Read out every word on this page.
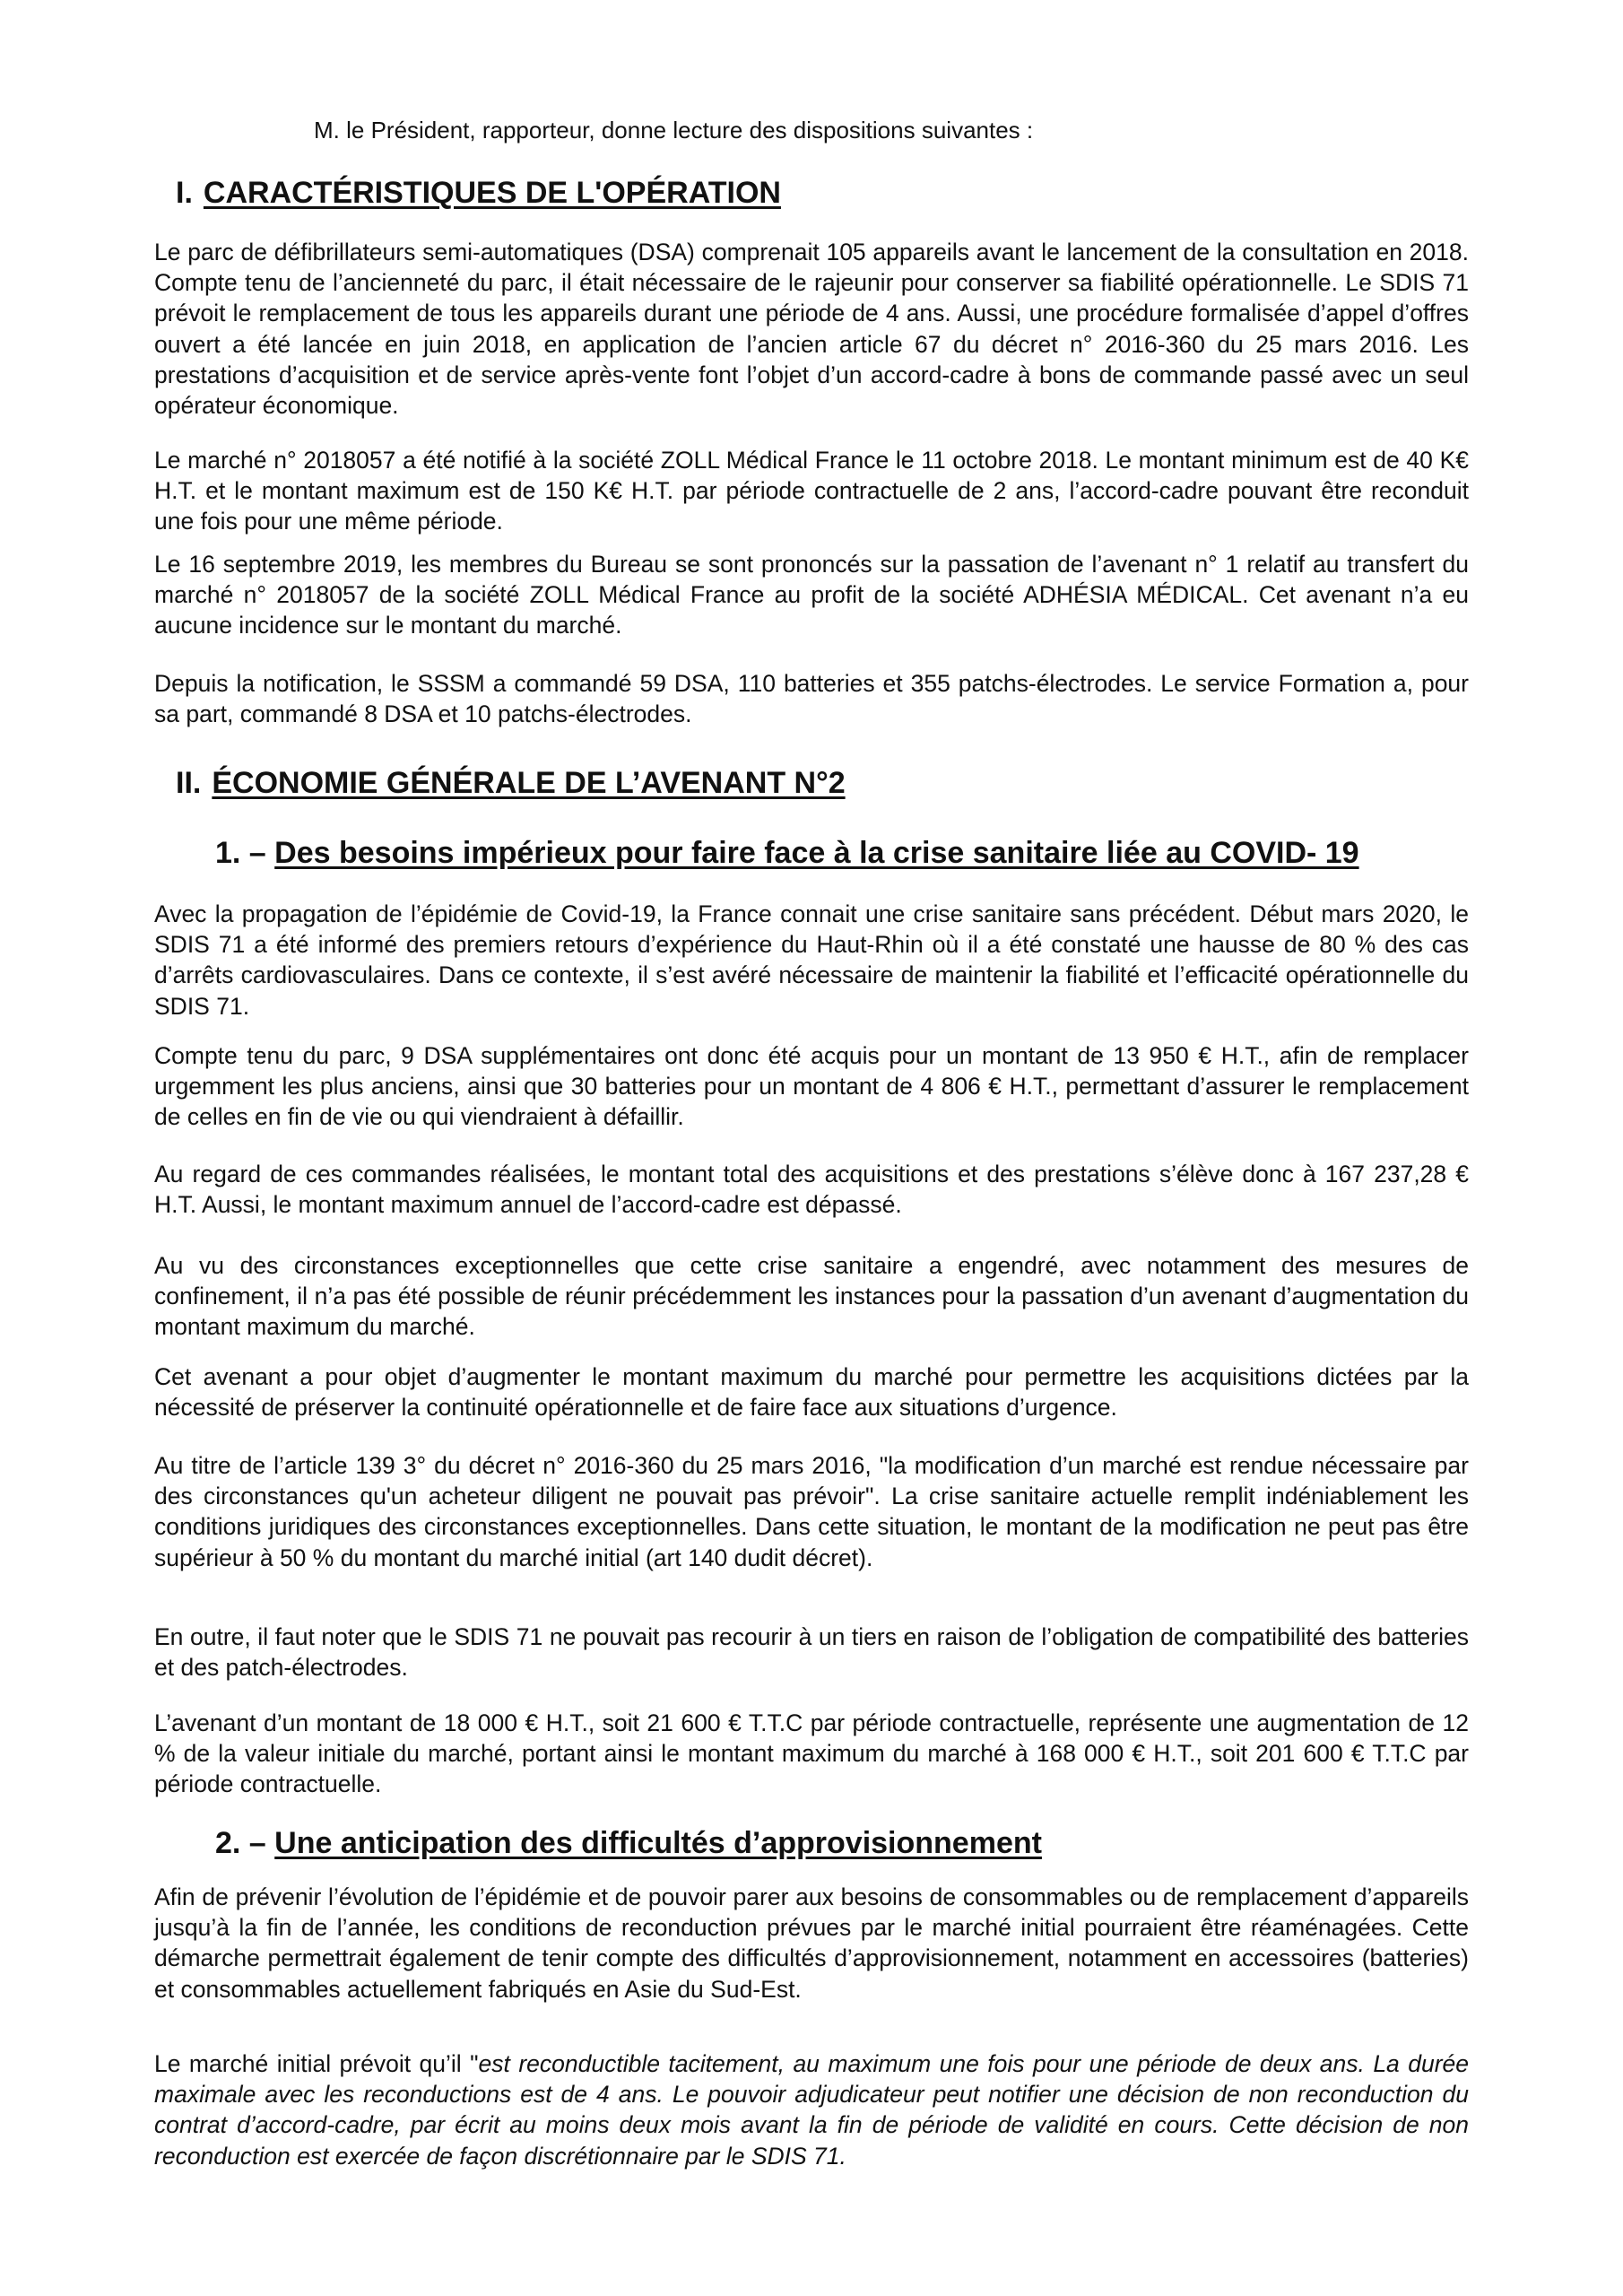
M. le Président, rapporteur, donne lecture des dispositions suivantes :

I. CARACTÉRISTIQUES DE L'OPÉRATION

Le parc de défibrillateurs semi-automatiques (DSA) comprenait 105 appareils avant le lancement de la consultation en 2018. Compte tenu de l’ancienneté du parc, il était nécessaire de le rajeunir pour conserver sa fiabilité opérationnelle. Le SDIS 71 prévoit le remplacement de tous les appareils durant une période de 4 ans. Aussi, une procédure formalisée d’appel d’offres ouvert a été lancée en juin 2018, en application de l’ancien article 67 du décret n° 2016-360 du 25 mars 2016. Les prestations d’acquisition et de service après-vente font l’objet d’un accord-cadre à bons de commande passé avec un seul opérateur économique.

Le marché n° 2018057 a été notifié à la société ZOLL Médical France le 11 octobre 2018. Le montant minimum est de 40 K€ H.T. et le montant maximum est de 150 K€ H.T. par période contractuelle de 2 ans, l’accord-cadre pouvant être reconduit une fois pour une même période.

Le 16 septembre 2019, les membres du Bureau se sont prononcés sur la passation de l’avenant n° 1 relatif au transfert du marché n° 2018057 de la société ZOLL Médical France au profit de la société ADHÉSIA MÉDICAL. Cet avenant n’a eu aucune incidence sur le montant du marché.

Depuis la notification, le SSSM a commandé 59 DSA, 110 batteries et 355 patchs-électrodes. Le service Formation a, pour sa part, commandé 8 DSA et 10 patchs-électrodes.

II. ÉCONOMIE GÉNÉRALE DE L’AVENANT N°2
1. – Des besoins impérieux pour faire face à la crise sanitaire liée au COVID- 19

Avec la propagation de l’épidémie de Covid-19, la France connait une crise sanitaire sans précédent. Début mars 2020, le SDIS 71 a été informé des premiers retours d’expérience du Haut-Rhin où il a été constaté une hausse de 80 % des cas d’arrêts cardiovasculaires. Dans ce contexte, il s’est avéré nécessaire de maintenir la fiabilité et l’efficacité opérationnelle du SDIS 71.

Compte tenu du parc, 9 DSA supplémentaires ont donc été acquis pour un montant de 13 950 € H.T., afin de remplacer urgemment les plus anciens, ainsi que 30 batteries pour un montant de 4 806 € H.T., permettant d’assurer le remplacement de celles en fin de vie ou qui viendraient à défaillir.

Au regard de ces commandes réalisées, le montant total des acquisitions et des prestations s’élève donc à 167 237,28 € H.T. Aussi, le montant maximum annuel de l’accord-cadre est dépassé.

Au vu des circonstances exceptionnelles que cette crise sanitaire a engendré, avec notamment des mesures de confinement, il n’a pas été possible de réunir précédemment les instances pour la passation d’un avenant d’augmentation du montant maximum du marché.

Cet avenant a pour objet d’augmenter le montant maximum du marché pour permettre les acquisitions dictées par la nécessité de préserver la continuité opérationnelle et de faire face aux situations d’urgence.

Au titre de l’article 139 3° du décret n° 2016-360 du 25 mars 2016, "la modification d’un marché est rendue nécessaire par des circonstances qu'un acheteur diligent ne pouvait pas prévoir". La crise sanitaire actuelle remplit indéniablement les conditions juridiques des circonstances exceptionnelles. Dans cette situation, le montant de la modification ne peut pas être supérieur à 50 % du montant du marché initial (art 140 dudit décret).

En outre, il faut noter que le SDIS 71 ne pouvait pas recourir à un tiers en raison de l’obligation de compatibilité des batteries et des patch-électrodes.

L’avenant d’un montant de 18 000 € H.T., soit 21 600 € T.T.C par période contractuelle, représente une augmentation de 12 % de la valeur initiale du marché, portant ainsi le montant maximum du marché à 168 000 € H.T., soit 201 600 € T.T.C par période contractuelle.

2. – Une anticipation des difficultés d’approvisionnement

Afin de prévenir l’évolution de l’épidémie et de pouvoir parer aux besoins de consommables ou de remplacement d’appareils jusqu’à la fin de l’année, les conditions de reconduction prévues par le marché initial pourraient être réaménagées. Cette démarche permettrait également de tenir compte des difficultés d’approvisionnement, notamment en accessoires (batteries) et consommables actuellement fabriqués en Asie du Sud-Est.

Le marché initial prévoit qu’il "est reconductible tacitement, au maximum une fois pour une période de deux ans. La durée maximale avec les reconductions est de 4 ans. Le pouvoir adjudicateur peut notifier une décision de non reconduction du contrat d’accord-cadre, par écrit au moins deux mois avant la fin de période de validité en cours. Cette décision de non reconduction est exercée de façon discrétionnaire par le SDIS 71.
